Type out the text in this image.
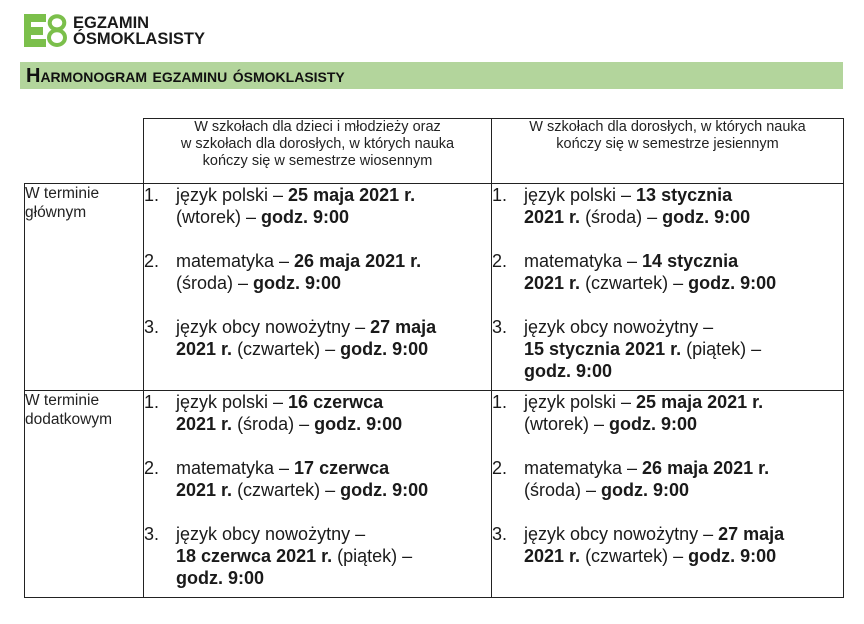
EGZAMIN
ÓSMOKLASISTY
Harmonogram egzaminu ósmoklasisty

W szkołach dla dzieci i młodzieży oraz
w szkołach dla dorosłych, w których nauka
kończy się w semestrze wiosennym

W szkołach dla dorosłych, w których nauka
kończy się w semestrze jesiennym

W terminie
głównym

1. język polski – 25 maja 2021 r.
(wtorek) – godz. 9:00
2. matematyka – 26 maja 2021 r.
(środa) – godz. 9:00
3. język obcy nowożytny – 27 maja
2021 r. (czwartek) – godz. 9:00

1. język polski – 13 stycznia
2021 r. (środa) – godz. 9:00
2. matematyka – 14 stycznia
2021 r. (czwartek) – godz. 9:00
3. język obcy nowożytny –
15 stycznia 2021 r. (piątek) –
godz. 9:00

W terminie
dodatkowym

1. język polski – 16 czerwca
2021 r. (środa) – godz. 9:00
2. matematyka – 17 czerwca
2021 r. (czwartek) – godz. 9:00
3. język obcy nowożytny –
18 czerwca 2021 r. (piątek) –
godz. 9:00

1. język polski – 25 maja 2021 r.
(wtorek) – godz. 9:00
2. matematyka – 26 maja 2021 r.
(środa) – godz. 9:00
3. język obcy nowożytny – 27 maja
2021 r. (czwartek) – godz. 9:00
